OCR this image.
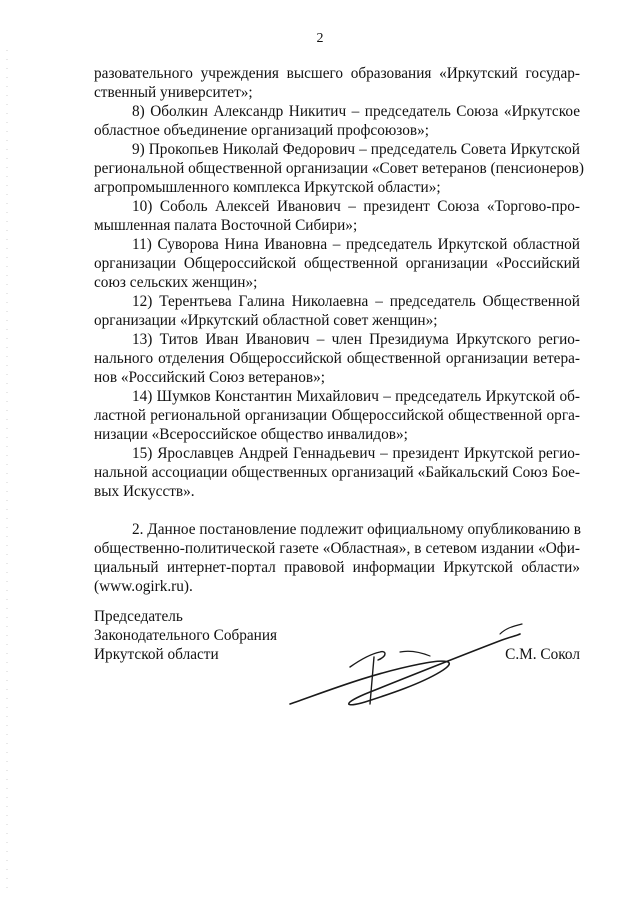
2
разовательного учреждения высшего образования «Иркутский государ-
ственный университет»;
8) Оболкин Александр Никитич – председатель Союза «Иркутское
областное объединение организаций профсоюзов»;
9) Прокопьев Николай Федорович – председатель Совета Иркутской
региональной общественной организации «Совет ветеранов (пенсионеров)
агропромышленного комплекса Иркутской области»;
10) Соболь Алексей Иванович – президент Союза «Торгово-про-
мышленная палата Восточной Сибири»;
11) Суворова Нина Ивановна – председатель Иркутской областной
организации Общероссийской общественной организации «Российский
союз сельских женщин»;
12) Терентьева Галина Николаевна – председатель Общественной
организации «Иркутский областной совет женщин»;
13) Титов Иван Иванович – член Президиума Иркутского регио-
нального отделения Общероссийской общественной организации ветера-
нов «Российский Союз ветеранов»;
14) Шумков Константин Михайлович – председатель Иркутской об-
ластной региональной организации Общероссийской общественной орга-
низации «Всероссийское общество инвалидов»;
15) Ярославцев Андрей Геннадьевич – президент Иркутской регио-
нальной ассоциации общественных организаций «Байкальский Союз Боe-
вых Искусств».
2. Данное постановление подлежит официальному опубликованию в
общественно-политической газете «Областная», в сетевом издании «Офи-
циальный интернет-портал правовой информации Иркутской области»
(www.ogirk.ru).
Председатель
Законодательного Собрания
Иркутской области	С.М. Сокол
